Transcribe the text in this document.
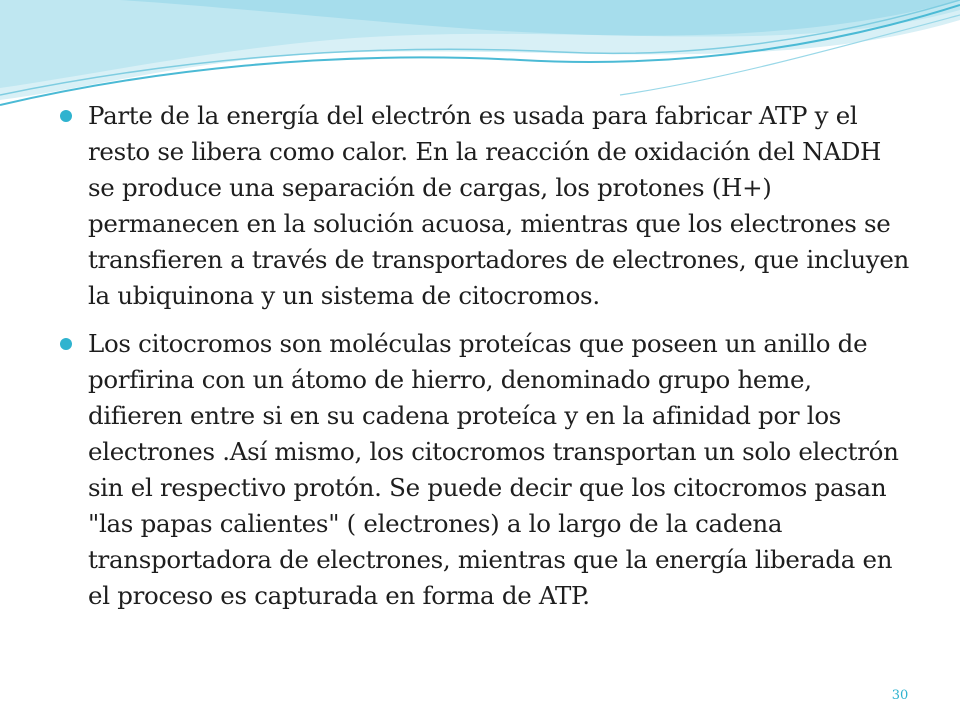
Parte de la energía del electrón es usada para fabricar ATP y el resto se libera como calor. En la reacción de oxidación del NADH se produce una separación de cargas, los protones (H+) permanecen en la solución acuosa, mientras que los electrones se transfieren a través de transportadores de electrones, que incluyen la ubiquinona y un sistema de citocromos.
Los citocromos son moléculas proteícas que poseen un anillo de porfirina con un átomo de hierro, denominado grupo heme, difieren entre si en su cadena proteíca y en la afinidad por los electrones .Así mismo, los citocromos transportan un solo electrón sin el respectivo protón. Se puede decir que los citocromos pasan "las papas calientes" ( electrones) a lo largo de la cadena transportadora de electrones, mientras que la energía liberada en el proceso es capturada en forma de ATP.
30
